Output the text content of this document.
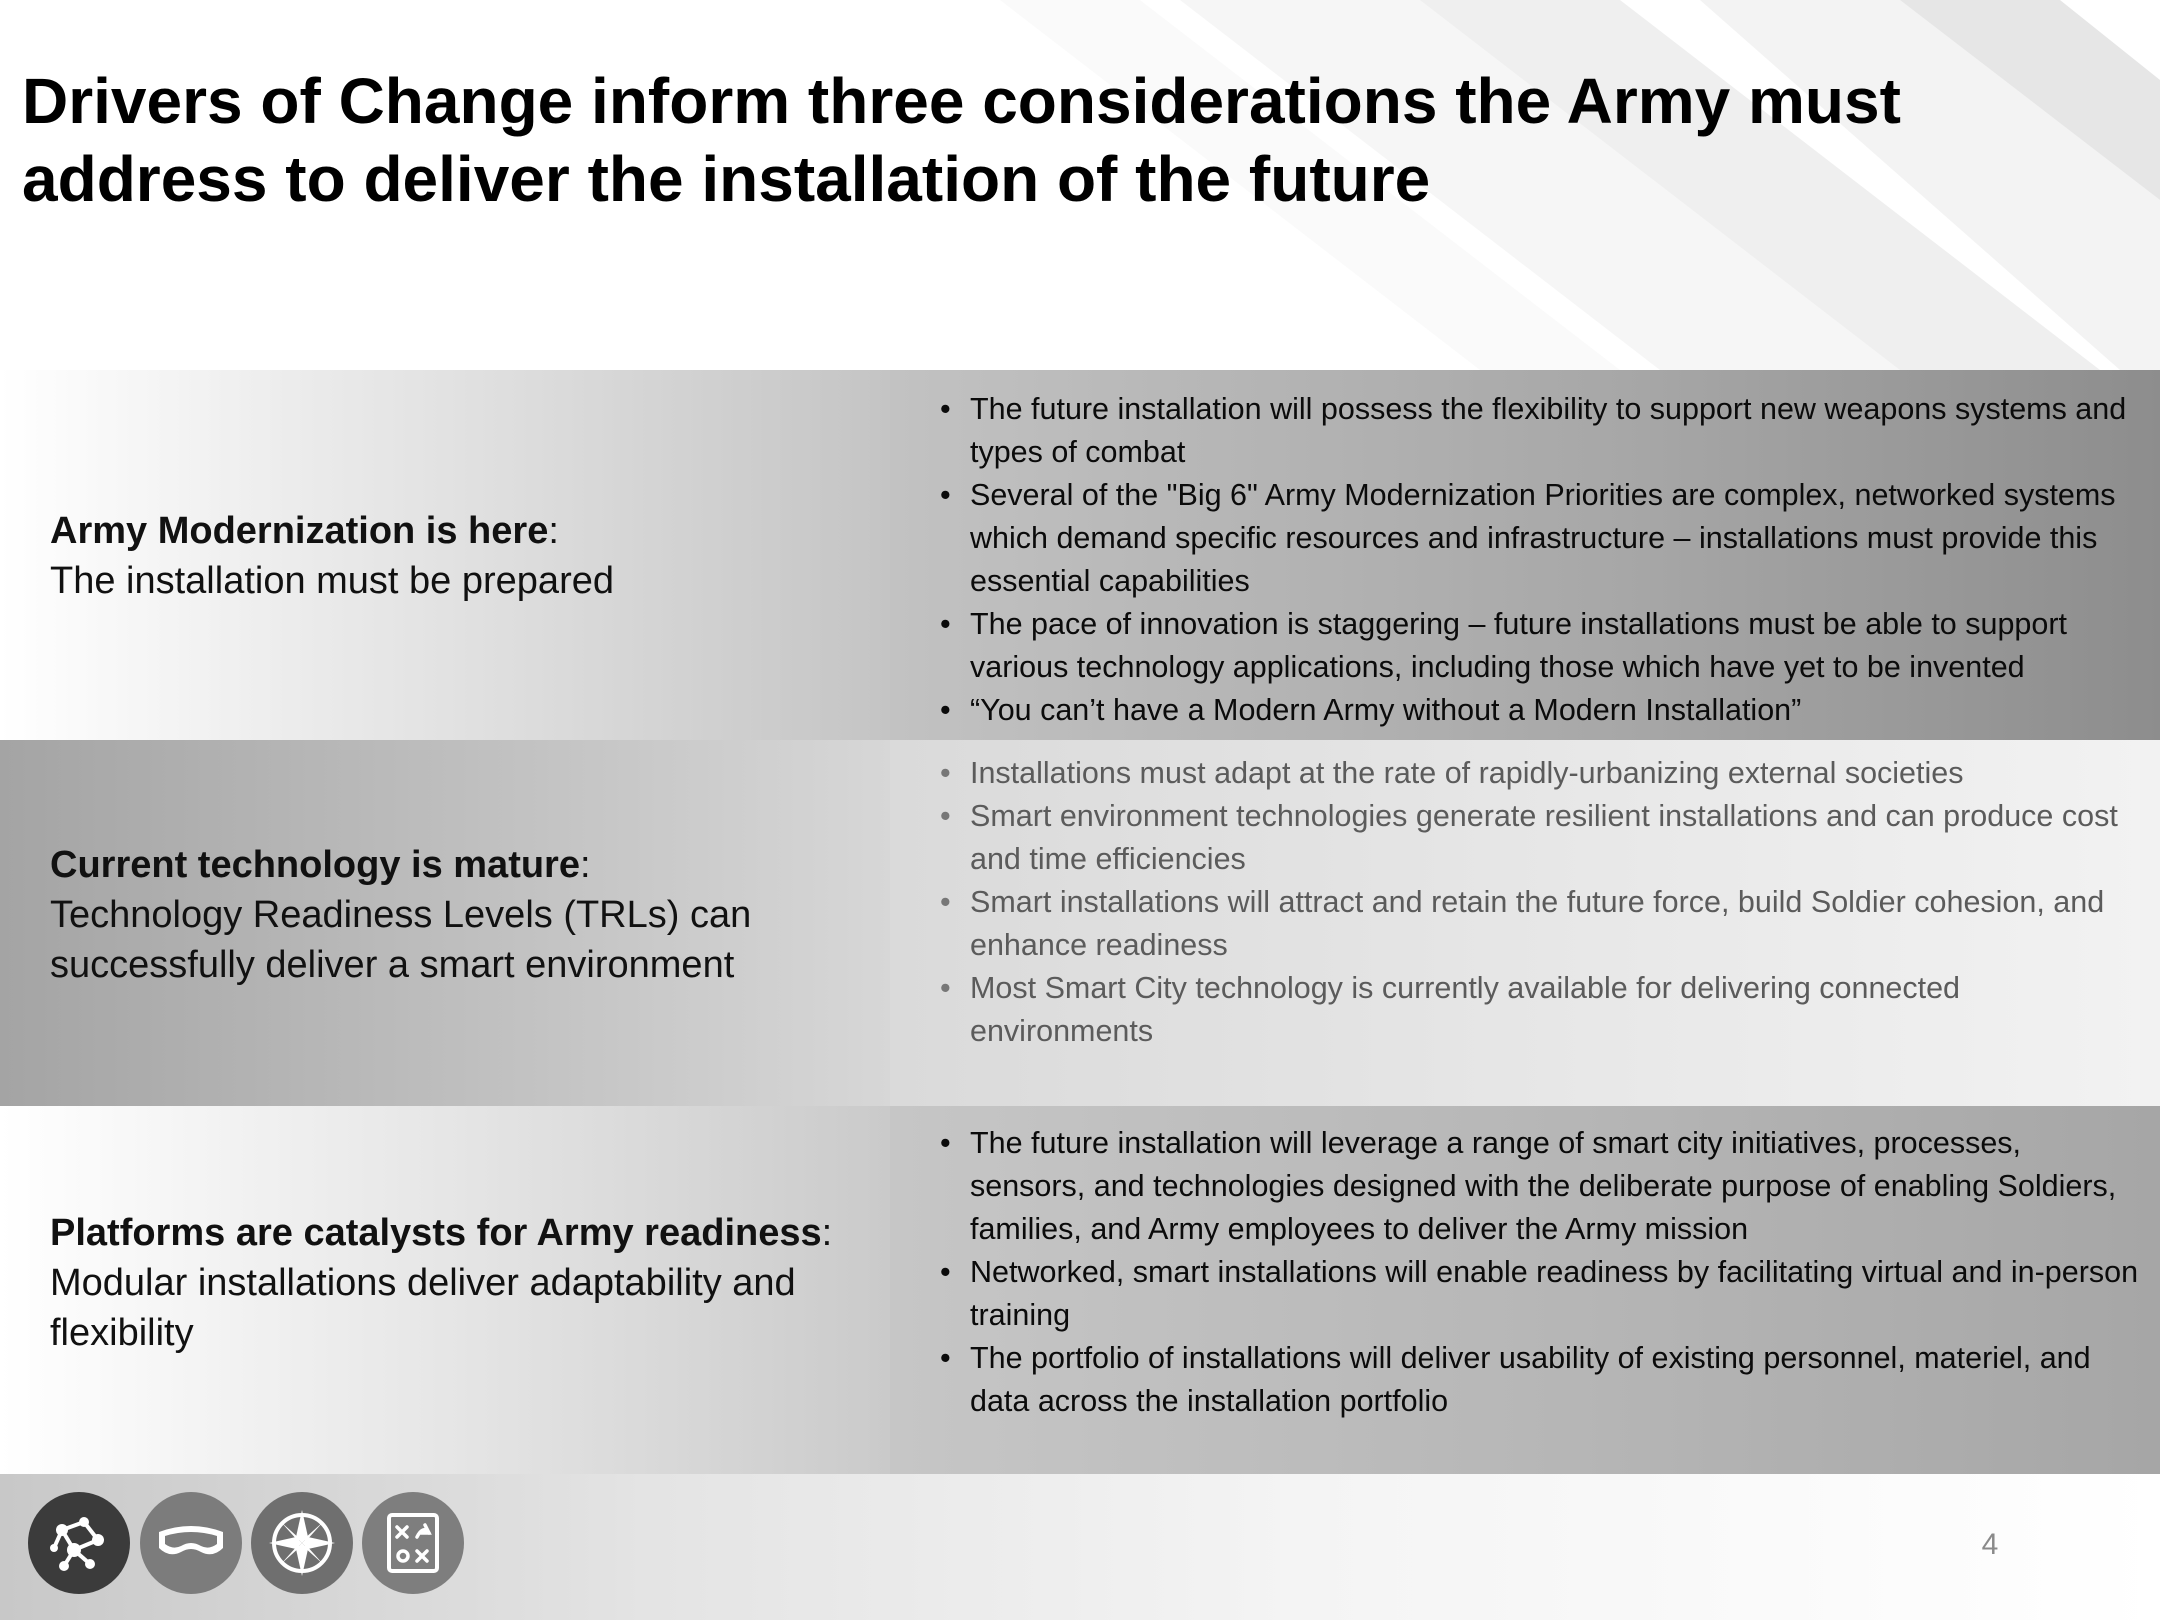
Drivers of Change inform three considerations the Army must address to deliver the installation of the future
Army Modernization is here:
The installation must be prepared
• The future installation will possess the flexibility to support new weapons systems and types of combat
• Several of the "Big 6" Army Modernization Priorities are complex, networked systems which demand specific resources and infrastructure – installations must provide this essential capabilities
• The pace of innovation is staggering – future installations must be able to support various technology applications, including those which have yet to be invented
• “You can’t have a Modern Army without a Modern Installation”
Current technology is mature:
Technology Readiness Levels (TRLs) can successfully deliver a smart environment
• Installations must adapt at the rate of rapidly-urbanizing external societies
• Smart environment technologies generate resilient installations and can produce cost and time efficiencies
• Smart installations will attract and retain the future force, build Soldier cohesion, and enhance readiness
• Most Smart City technology is currently available for delivering connected environments
Platforms are catalysts for Army readiness:
Modular installations deliver adaptability and flexibility
• The future installation will leverage a range of smart city initiatives, processes, sensors, and technologies designed with the deliberate purpose of enabling Soldiers, families, and Army employees to deliver the Army mission
• Networked, smart installations will enable readiness by facilitating virtual and in-person training
• The portfolio of installations will deliver usability of existing personnel, materiel, and data across the installation portfolio
4
